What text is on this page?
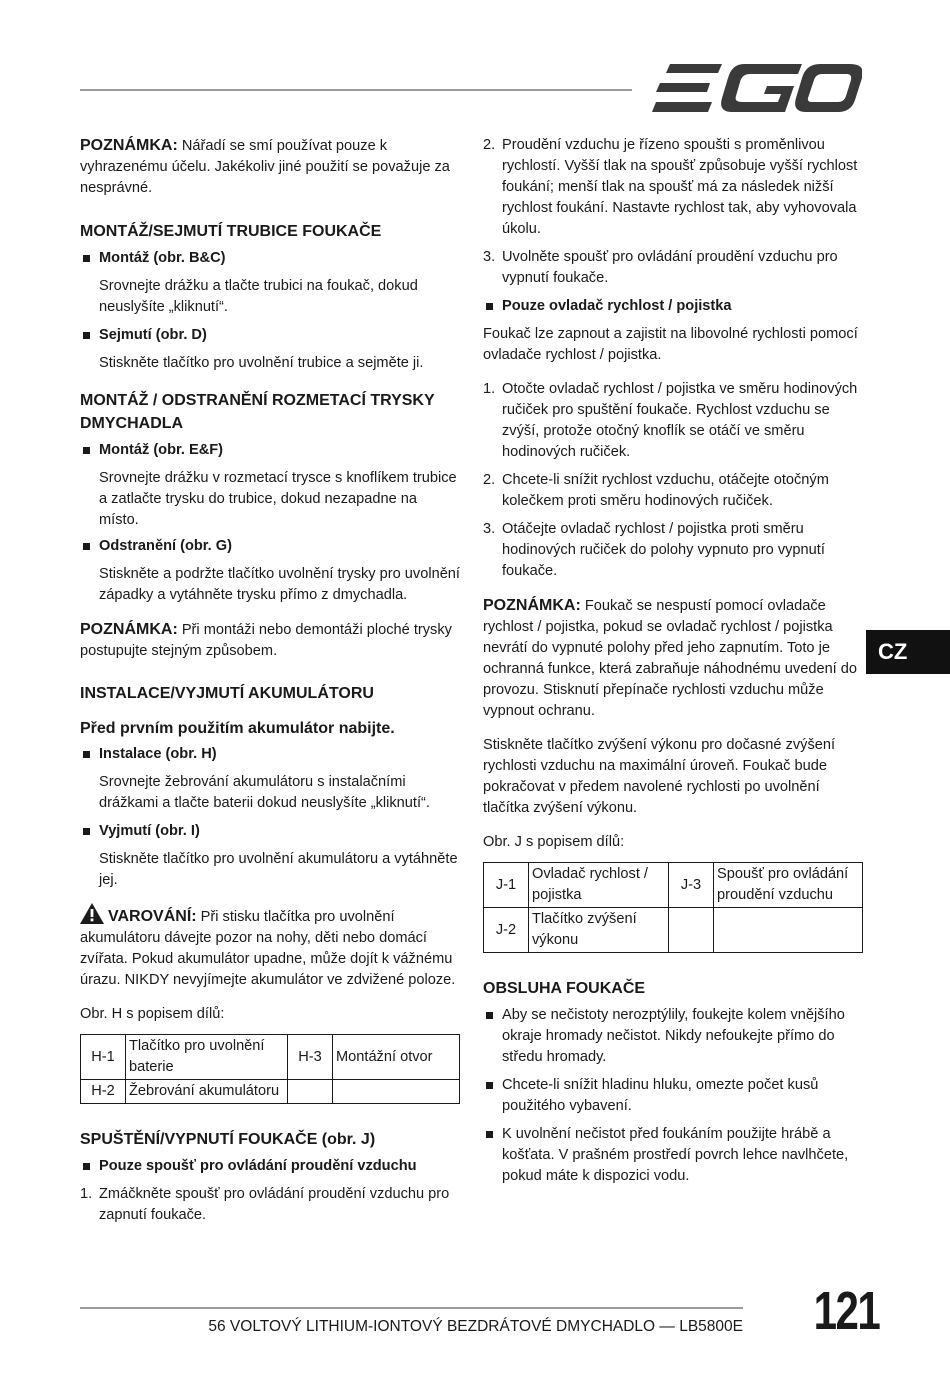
POZNÁMKA: Nářadí se smí používat pouze k vyhrazenému účelu. Jakékoliv jiné použití se považuje za nesprávné.

MONTÁŽ/SEJMUTÍ TRUBICE FOUKAČE

Montáž (obr. B&C)

Srovnejte drážku a tlačte trubici na foukač, dokud neuslyšíte „kliknutí“.

Sejmutí (obr. D)

Stiskněte tlačítko pro uvolnění trubice a sejměte ji.

MONTÁŽ / ODSTRANĚNÍ ROZMETACÍ TRYSKY DMYCHADLA

Montáž (obr. E&F)

Srovnejte drážku v rozmetací trysce s knoflíkem trubice a zatlačte trysku do trubice, dokud nezapadne na místo.

Odstranění (obr. G)

Stiskněte a podržte tlačítko uvolnění trysky pro uvolnění západky a vytáhněte trysku přímo z dmychadla.

POZNÁMKA: Při montáži nebo demontáži ploché trysky postupujte stejným způsobem.

INSTALACE/VYJMUTÍ AKUMULÁTORU

Před prvním použitím akumulátor nabijte.

Instalace (obr. H)

Srovnejte žebrování akumulátoru s instalačními drážkami a tlačte baterii dokud neuslyšíte „kliknutí“.

Vyjmutí (obr. I)

Stiskněte tlačítko pro uvolnění akumulátoru a vytáhněte jej.

VAROVÁNÍ: Při stisku tlačítka pro uvolnění akumulátoru dávejte pozor na nohy, děti nebo domácí zvířata. Pokud akumulátor upadne, může dojít k vážnému úrazu. NIKDY nevyjímejte akumulátor ve zdvižené poloze.

Obr. H s popisem dílů:

H-1	Tlačítko pro uvolnění baterie	H-3	Montážní otvor
H-2	Žebrování akumulátoru		

SPUŠTĚNÍ/VYPNUTÍ FOUKAČE (obr. J)

Pouze spoušť pro ovládání proudění vzduchu
1. Zmáčkněte spoušť pro ovládání proudění vzduchu pro zapnutí foukače.
2. Proudění vzduchu je řízeno spoušti s proměnlivou rychlostí. Vyšší tlak na spoušť způsobuje vyšší rychlost foukání; menší tlak na spoušť má za následek nižší rychlost foukání. Nastavte rychlost tak, aby vyhovovala úkolu.
3. Uvolněte spoušť pro ovládání proudění vzduchu pro vypnutí foukače.
Pouze ovladač rychlost / pojistka

Foukač lze zapnout a zajistit na libovolné rychlosti pomocí ovladače rychlost / pojistka.

1. Otočte ovladač rychlost / pojistka ve směru hodinových ručiček pro spuštění foukače. Rychlost vzduchu se zvýší, protože otočný knoflík se otáčí ve směru hodinových ručiček.
2. Chcete-li snížit rychlost vzduchu, otáčejte otočným kolečkem proti směru hodinových ručiček.
3. Otáčejte ovladač rychlost / pojistka proti směru hodinových ručiček do polohy vypnuto pro vypnutí foukače.

POZNÁMKA: Foukač se nespustí pomocí ovladače rychlost / pojistka, pokud se ovladač rychlost / pojistka nevrátí do vypnuté polohy před jeho zapnutím. Toto je ochranná funkce, která zabraňuje náhodnému uvedení do provozu. Stisknutí přepínače rychlosti vzduchu může vypnout ochranu.

Stiskněte tlačítko zvýšení výkonu pro dočasné zvýšení rychlosti vzduchu na maximální úroveň. Foukač bude pokračovat v předem navolené rychlosti po uvolnění tlačítka zvýšení výkonu.

Obr. J s popisem dílů:

J-1	Ovladač rychlost / pojistka	J-3	Spoušť pro ovládání proudění vzduchu
J-2	Tlačítko zvýšení výkonu		

OBSLUHA FOUKAČE

Aby se nečistoty nerozptýlily, foukejte kolem vnějšího okraje hromady nečistot. Nikdy nefoukejte přímo do středu hromady.
Chcete-li snížit hladinu hluku, omezte počet kusů použitého vybavení.
K uvolnění nečistot před foukáním použijte hrábě a košťata. V prašném prostředí povrch lehce navlhčete, pokud máte k dispozici vodu.
CZ
56 VOLTOVÝ LITHIUM-IONTOVÝ BEZDRÁTOVÉ DMYCHADLO — LB5800E 121
